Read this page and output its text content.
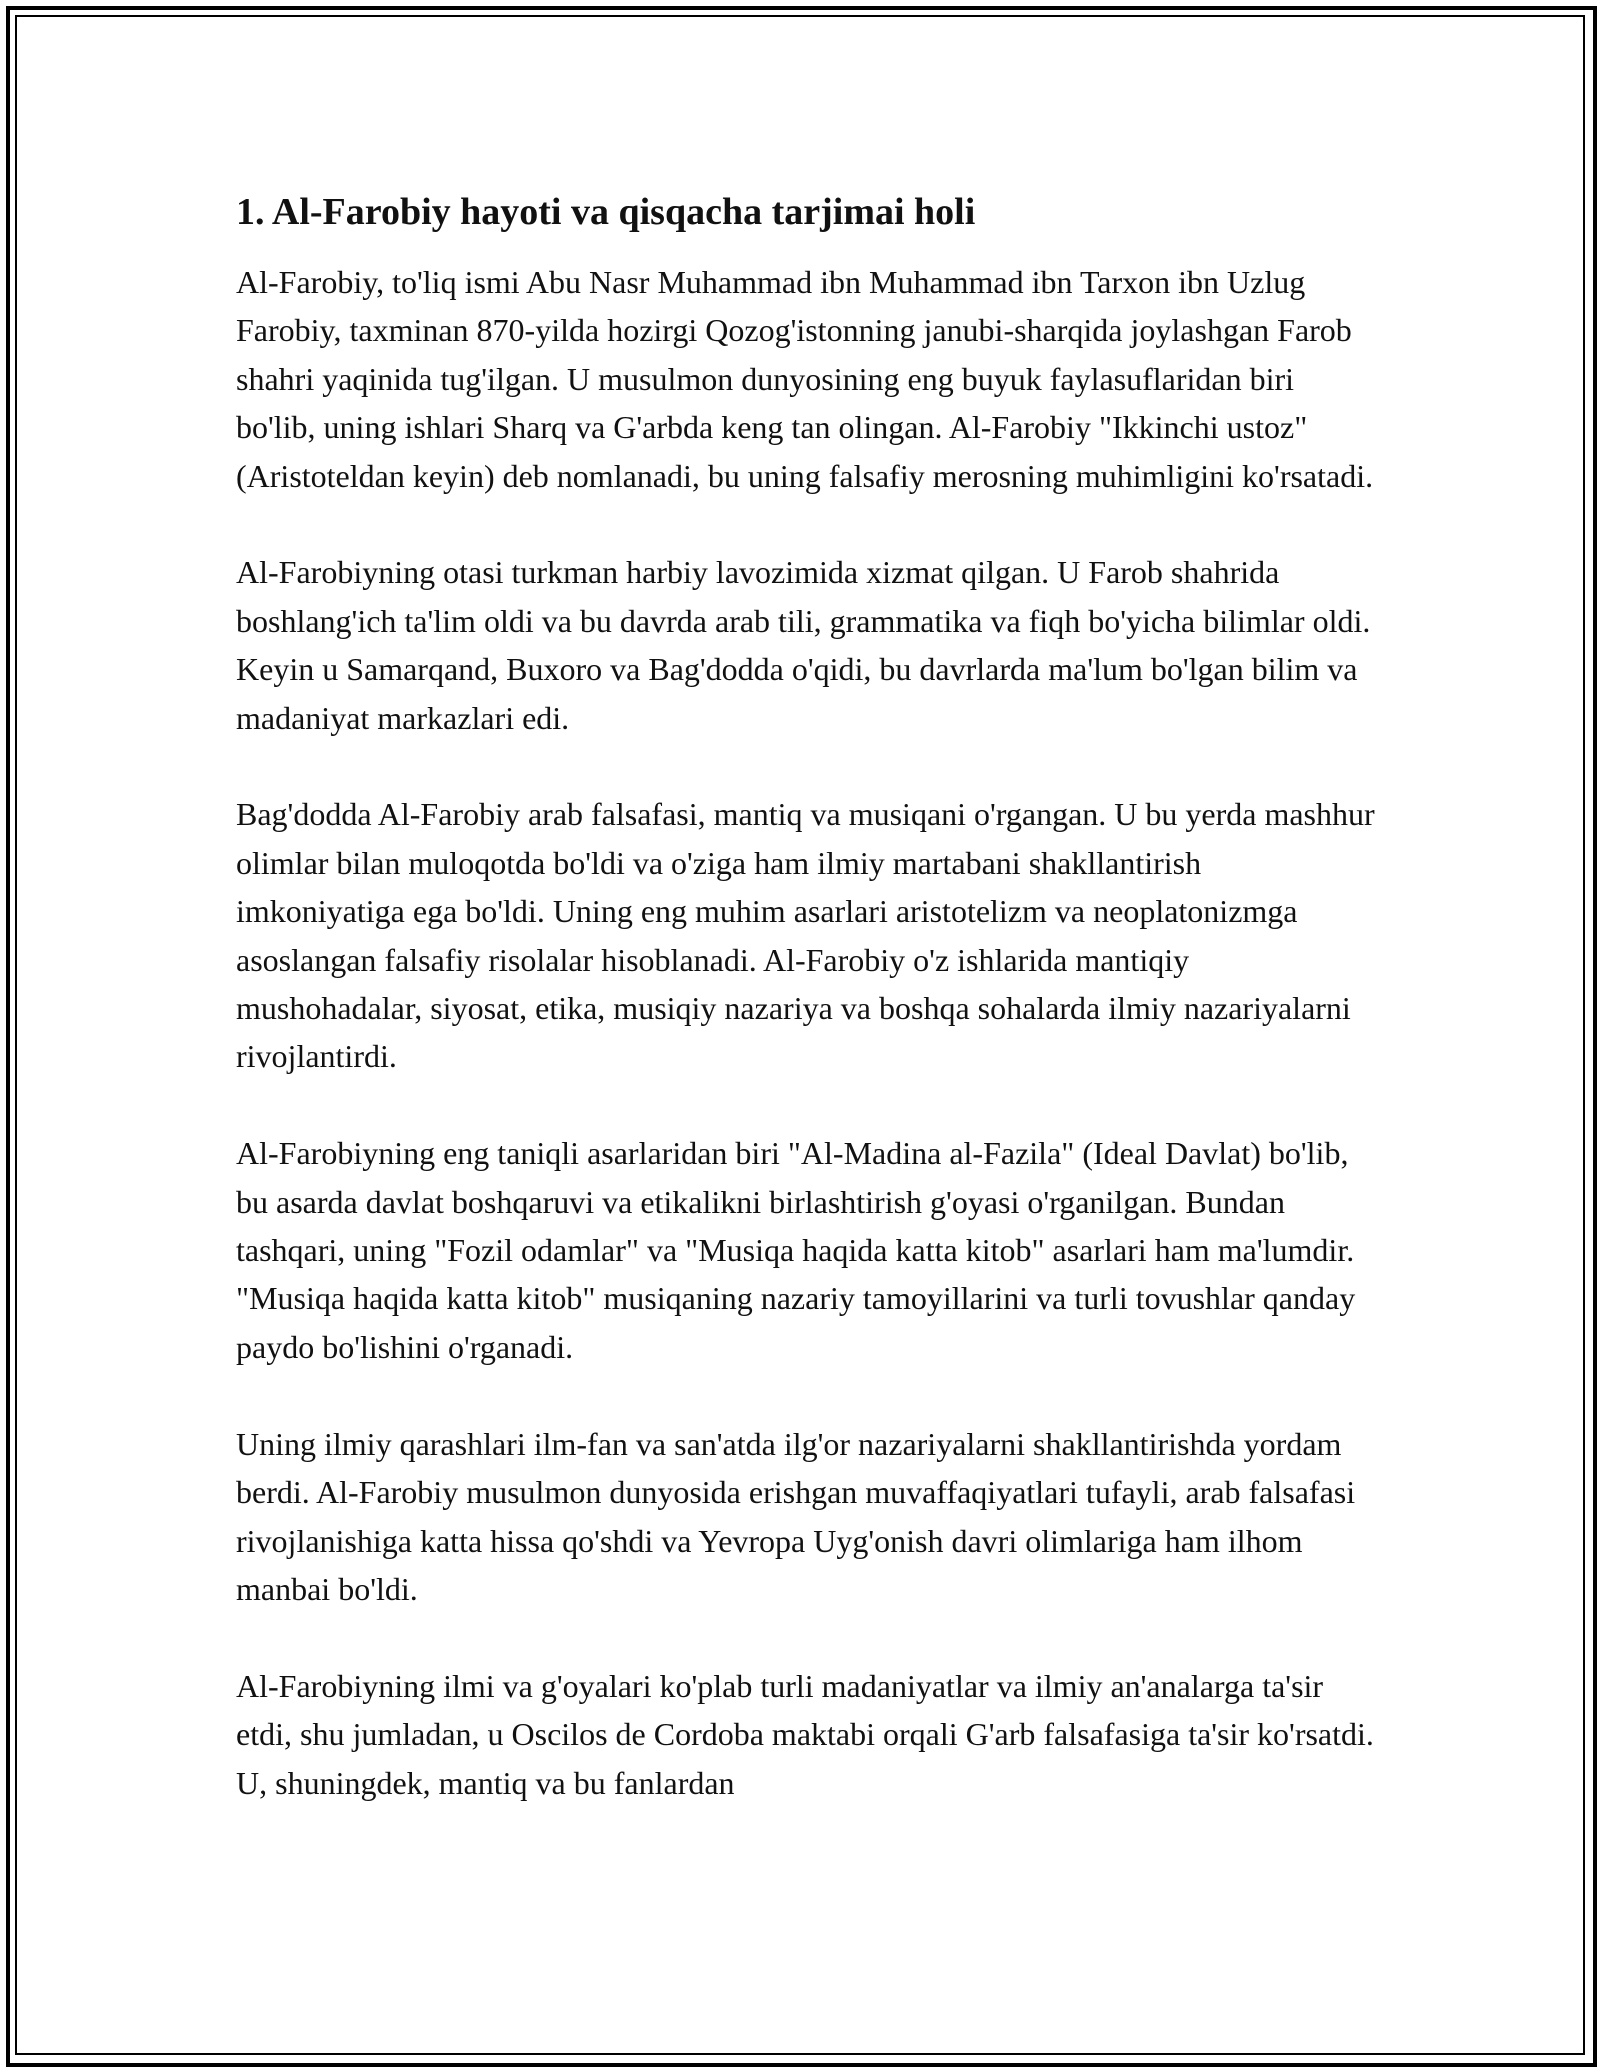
1. Al-Farobiy hayoti va qisqacha tarjimai holi

Al-Farobiy, to'liq ismi Abu Nasr Muhammad ibn Muhammad ibn Tarxon ibn Uzlug Farobiy, taxminan 870-yilda hozirgi Qozog'istonning janubi-sharqida joylashgan Farob shahri yaqinida tug'ilgan. U musulmon dunyosining eng buyuk faylasuflaridan biri bo'lib, uning ishlari Sharq va G'arbda keng tan olingan. Al-Farobiy "Ikkinchi ustoz" (Aristoteldan keyin) deb nomlanadi, bu uning falsafiy merosning muhimligini ko'rsatadi.

Al-Farobiyning otasi turkman harbiy lavozimida xizmat qilgan. U Farob shahrida boshlang'ich ta'lim oldi va bu davrda arab tili, grammatika va fiqh bo'yicha bilimlar oldi. Keyin u Samarqand, Buxoro va Bag'dodda o'qidi, bu davrlarda ma'lum bo'lgan bilim va madaniyat markazlari edi.

Bag'dodda Al-Farobiy arab falsafasi, mantiq va musiqani o'rgangan. U bu yerda mashhur olimlar bilan muloqotda bo'ldi va o'ziga ham ilmiy martabani shakllantirish imkoniyatiga ega bo'ldi. Uning eng muhim asarlari aristotelizm va neoplatonizmga asoslangan falsafiy risolalar hisoblanadi. Al-Farobiy o'z ishlarida mantiqiy mushohadalar, siyosat, etika, musiqiy nazariya va boshqa sohalarda ilmiy nazariyalarni rivojlantirdi.

Al-Farobiyning eng taniqli asarlaridan biri "Al-Madina al-Fazila" (Ideal Davlat) bo'lib, bu asarda davlat boshqaruvi va etikalikni birlashtirish g'oyasi o'rganilgan. Bundan tashqari, uning "Fozil odamlar" va "Musiqa haqida katta kitob" asarlari ham ma'lumdir. "Musiqa haqida katta kitob" musiqaning nazariy tamoyillarini va turli tovushlar qanday paydo bo'lishini o'rganadi.

Uning ilmiy qarashlari ilm-fan va san'atda ilg'or nazariyalarni shakllantirishda yordam berdi. Al-Farobiy musulmon dunyosida erishgan muvaffaqiyatlari tufayli, arab falsafasi rivojlanishiga katta hissa qo'shdi va Yevropa Uyg'onish davri olimlariga ham ilhom manbai bo'ldi.

Al-Farobiyning ilmi va g'oyalari ko'plab turli madaniyatlar va ilmiy an'analarga ta'sir etdi, shu jumladan, u Oscilos de Cordoba maktabi orqali G'arb falsafasiga ta'sir ko'rsatdi. U, shuningdek, mantiq va bu fanlardan
